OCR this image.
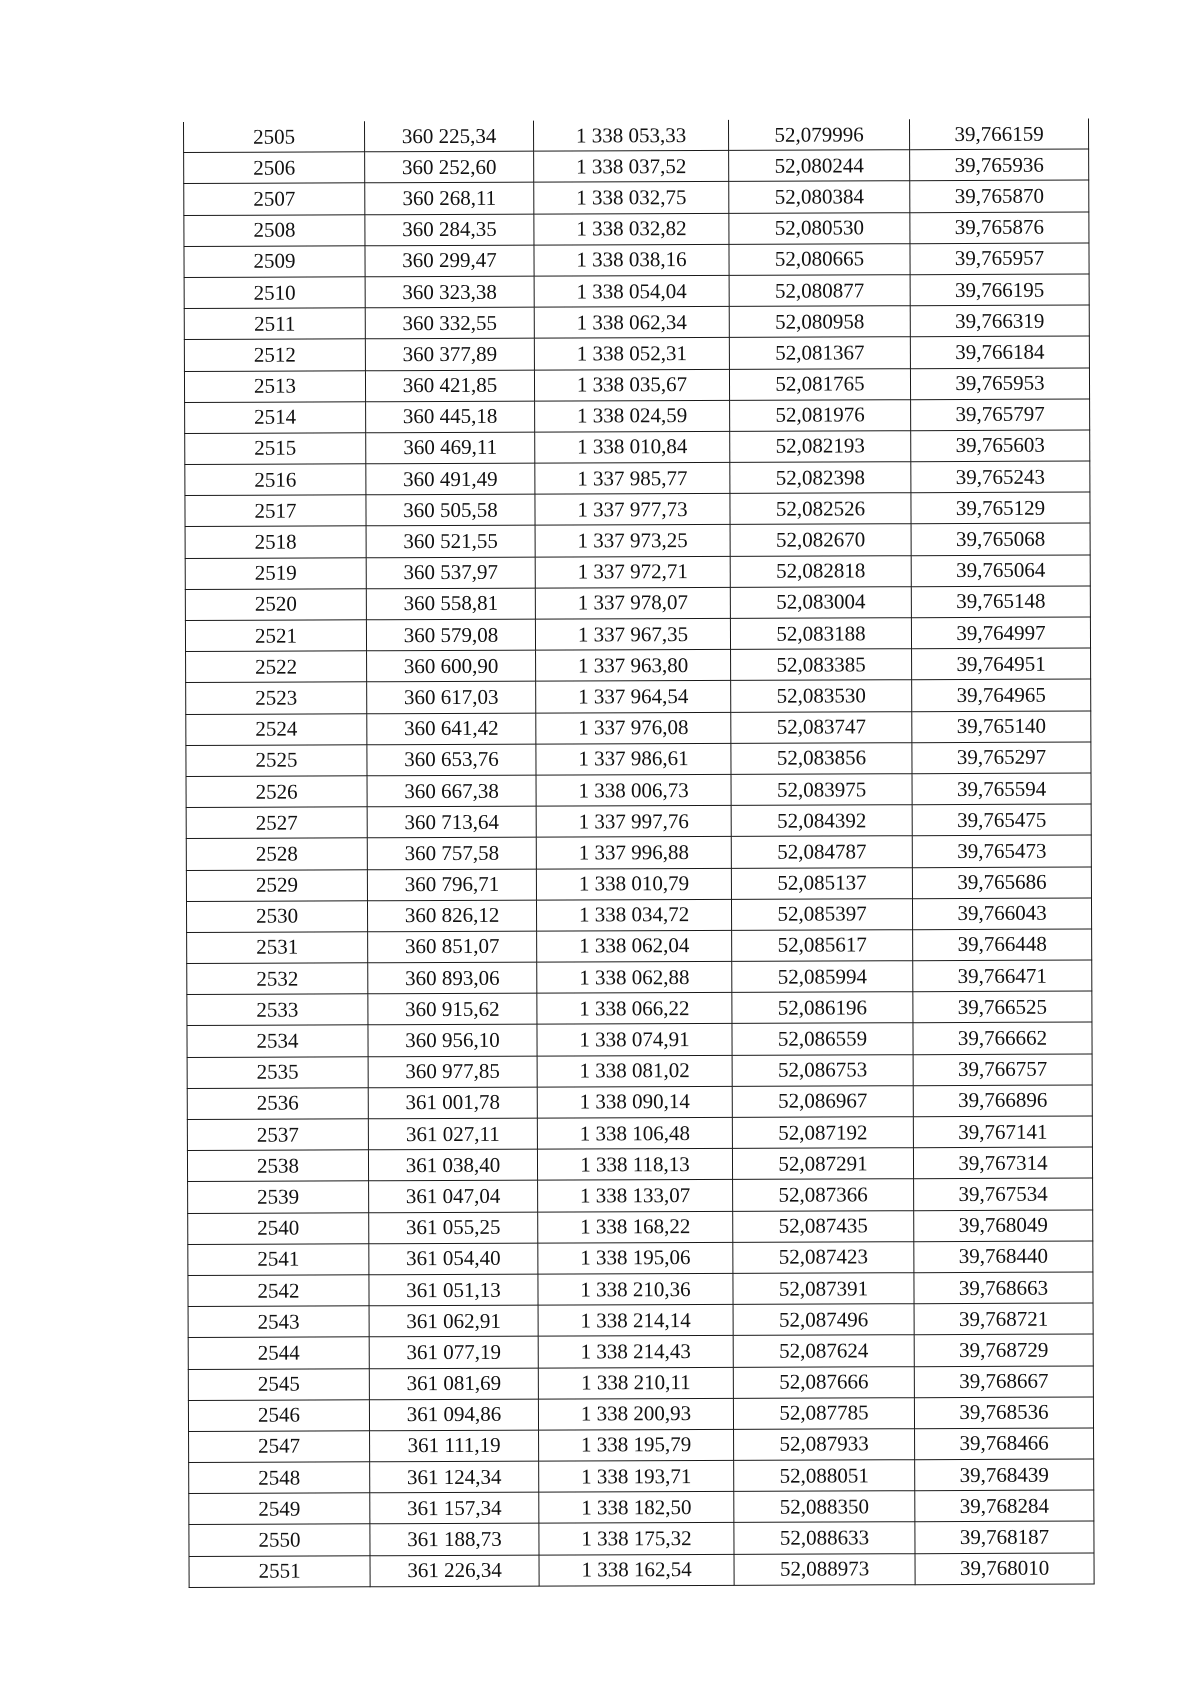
2505	360 225,34	1 338 053,33	52,079996	39,766159
2506	360 252,60	1 338 037,52	52,080244	39,765936
2507	360 268,11	1 338 032,75	52,080384	39,765870
2508	360 284,35	1 338 032,82	52,080530	39,765876
2509	360 299,47	1 338 038,16	52,080665	39,765957
2510	360 323,38	1 338 054,04	52,080877	39,766195
2511	360 332,55	1 338 062,34	52,080958	39,766319
2512	360 377,89	1 338 052,31	52,081367	39,766184
2513	360 421,85	1 338 035,67	52,081765	39,765953
2514	360 445,18	1 338 024,59	52,081976	39,765797
2515	360 469,11	1 338 010,84	52,082193	39,765603
2516	360 491,49	1 337 985,77	52,082398	39,765243
2517	360 505,58	1 337 977,73	52,082526	39,765129
2518	360 521,55	1 337 973,25	52,082670	39,765068
2519	360 537,97	1 337 972,71	52,082818	39,765064
2520	360 558,81	1 337 978,07	52,083004	39,765148
2521	360 579,08	1 337 967,35	52,083188	39,764997
2522	360 600,90	1 337 963,80	52,083385	39,764951
2523	360 617,03	1 337 964,54	52,083530	39,764965
2524	360 641,42	1 337 976,08	52,083747	39,765140
2525	360 653,76	1 337 986,61	52,083856	39,765297
2526	360 667,38	1 338 006,73	52,083975	39,765594
2527	360 713,64	1 337 997,76	52,084392	39,765475
2528	360 757,58	1 337 996,88	52,084787	39,765473
2529	360 796,71	1 338 010,79	52,085137	39,765686
2530	360 826,12	1 338 034,72	52,085397	39,766043
2531	360 851,07	1 338 062,04	52,085617	39,766448
2532	360 893,06	1 338 062,88	52,085994	39,766471
2533	360 915,62	1 338 066,22	52,086196	39,766525
2534	360 956,10	1 338 074,91	52,086559	39,766662
2535	360 977,85	1 338 081,02	52,086753	39,766757
2536	361 001,78	1 338 090,14	52,086967	39,766896
2537	361 027,11	1 338 106,48	52,087192	39,767141
2538	361 038,40	1 338 118,13	52,087291	39,767314
2539	361 047,04	1 338 133,07	52,087366	39,767534
2540	361 055,25	1 338 168,22	52,087435	39,768049
2541	361 054,40	1 338 195,06	52,087423	39,768440
2542	361 051,13	1 338 210,36	52,087391	39,768663
2543	361 062,91	1 338 214,14	52,087496	39,768721
2544	361 077,19	1 338 214,43	52,087624	39,768729
2545	361 081,69	1 338 210,11	52,087666	39,768667
2546	361 094,86	1 338 200,93	52,087785	39,768536
2547	361 111,19	1 338 195,79	52,087933	39,768466
2548	361 124,34	1 338 193,71	52,088051	39,768439
2549	361 157,34	1 338 182,50	52,088350	39,768284
2550	361 188,73	1 338 175,32	52,088633	39,768187
2551	361 226,34	1 338 162,54	52,088973	39,768010
